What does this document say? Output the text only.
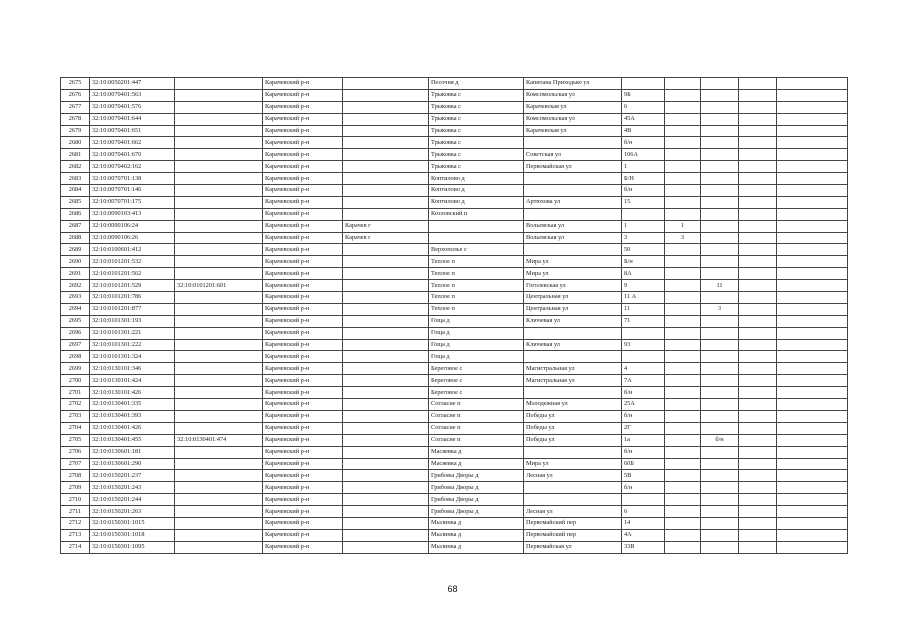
2675	32:10:0050201:447		Карачевский р-н		Песочня д	Капитана Приходько ул					
2676	32:10:0070401:563		Карачевский р-н		Трыковка с	Комсомольская ул	9Б				
2677	32:10:0070401:576		Карачевский р-н		Трыковка с	Карачевская ул	6				
2678	32:10:0070401:644		Карачевский р-н		Трыковка с	Комсомольская ул	45А				
2679	32:10:0070401:651		Карачевский р-н		Трыковка с	Карачевская ул	4В				
2680	32:10:0070401:662		Карачевский р-н		Трыковка с		б/н				
2681	32:10:0070401:670		Карачевский р-н		Трыковка с	Советская ул	106А				
2682	32:10:0070402:162		Карачевский р-н		Трыковка с	Первомайская ул	1				
2683	32:10:0070701:138		Карачевский р-н		Коптилово д		Б/Н				
2684	32:10:0070701:146		Карачевский р-н		Коптилово д		б/н				
2685	32:10:0070701:175		Карачевский р-н		Коптилово д	Артюхова ул	15				
2686	32:10:0090103:413		Карачевский р-н		Козловский п						
2687	32:10:0090106:24		Карачевский р-н	Карачев г		Вольевская ул	1	1			
2688	32:10:0090106:26		Карачевский р-н	Карачев г		Вольевская ул	3	3			
2689	32:10:0100601:412		Карачевский р-н		Верхополье с		50				
2690	32:10:0101201:532		Карачевский р-н		Теплое п	Мира ул	Б/н				
2691	32:10:0101201:562		Карачевский р-н		Теплое п	Мира ул	8А				
2692	32:10:0101201:529	32:10:0101201:601	Карачевский р-н		Теплое п	Гоголевская ул	9		11		
2693	32:10:0101201:786		Карачевский р-н		Теплое п	Центральная ул	11 А				
2694	32:10:0101201:877		Карачевский р-н		Теплое п	Центральная ул	11		3		
2695	32:10:0101301:193		Карачевский р-н		Гоща д	Ключевая ул	71				
2696	32:10:0101301:221		Карачевский р-н		Гоща д						
2697	32:10:0101301:222		Карачевский р-н		Гоща д	Ключевая ул	93				
2698	32:10:0101301:324		Карачевский р-н		Гоща д						
2699	32:10:0130101:346		Карачевский р-н		Береговое с	Магистральная ул	4				
2700	32:10:0130101:424		Карачевский р-н		Береговое с	Магистральная ул	7А				
2701	32:10:0130101:426		Карачевский р-н		Береговое с		б/н				
2702	32:10:0130401:335		Карачевский р-н		Согласие п	Молодежная ул	25А				
2703	32:10:0130401:393		Карачевский р-н		Согласие п	Победы ул	б/н				
2704	32:10:0130401:426		Карачевский р-н		Согласие п	Победы ул	2Г				
2705	32:10:0130401:455	32:10:0130401:474	Карачевский р-н		Согласие п	Победы ул	1а		б/н		
2706	32:10:0130601:181		Карачевский р-н		Масяевка д		б/н				
2707	32:10:0130601:290		Карачевский р-н		Масяевка д	Мира ул	60Б				
2708	32:10:0150201:237		Карачевский р-н		Грибовы Дворы д	Лесная ул	5В				
2709	32:10:0150201:243		Карачевский р-н		Грибовы Дворы д		б/н				
2710	32:10:0150201:244		Карачевский р-н		Грибовы Дворы д						
2711	32:10:0150201:263		Карачевский р-н		Грибовы Дворы д	Лесная ул	6				
2712	32:10:0150301:1015		Карачевский р-н		Мылинка д	Первомайский пер	14				
2713	32:10:0150301:1018		Карачевский р-н		Мылинка д	Первомайский пер	4А				
2714	32:10:0150301:1095		Карачевский р-н		Мылинка д	Первомайская ул	33В				
68
